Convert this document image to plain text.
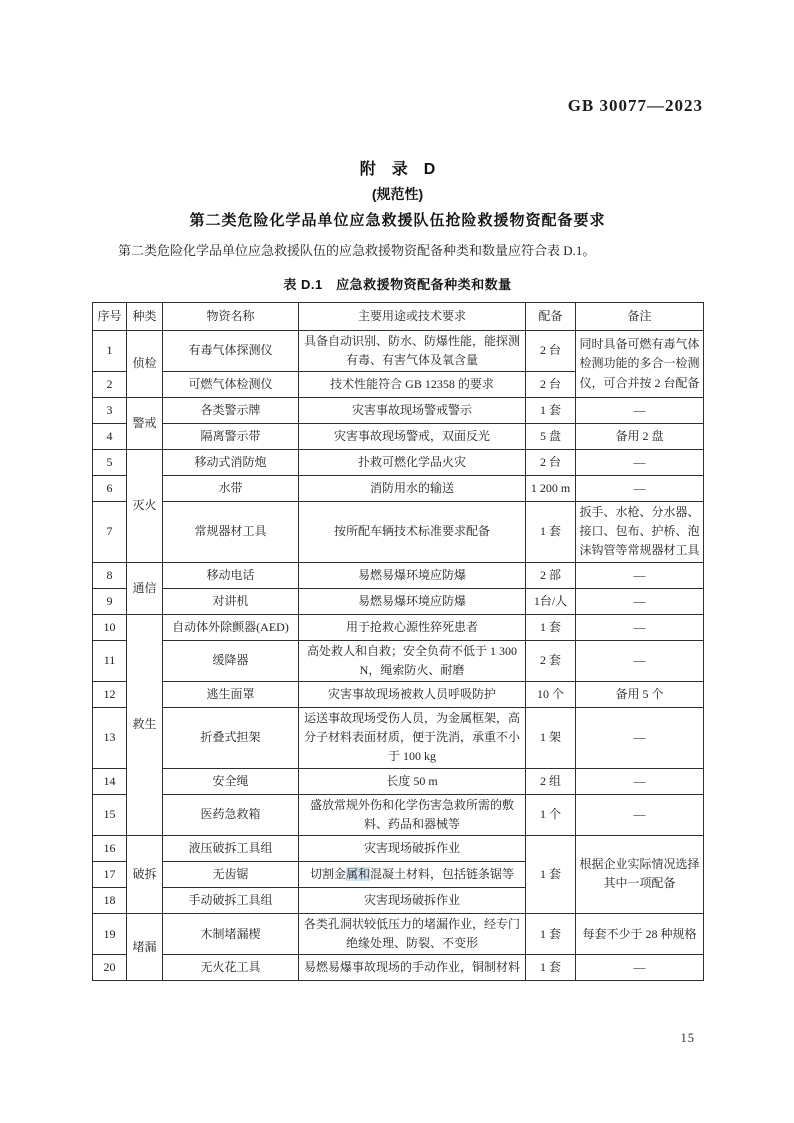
GB 30077—2023
附　录　D
(规范性)
第二类危险化学品单位应急救援队伍抢险救援物资配备要求

第二类危险化学品单位应急救援队伍的应急救援物资配备种类和数量应符合表 D.1。

表 D.1　应急救援物资配备种类和数量
序号	种类	物资名称	主要用途或技术要求	配备	备注
1	侦检	有毒气体探测仪	具备自动识别、防水、防爆性能，能探测有毒、有害气体及氧含量	2 台	同时具备可燃有毒气体检测功能的多合一检测仪，可合并按 2 台配备
2		可燃气体检测仪	技术性能符合 GB 12358 的要求	2 台	
3	警戒	各类警示牌	灾害事故现场警戒警示	1 套	—
4		隔离警示带	灾害事故现场警戒，双面反光	5 盘	备用 2 盘
5	灭火	移动式消防炮	扑救可燃化学品火灾	2 台	—
6		水带	消防用水的输送	1 200 m	—
7		常规器材工具	按所配车辆技术标准要求配备	1 套	扳手、水枪、分水器、接口、包布、护桥、泡沫钩管等常规器材工具
8	通信	移动电话	易燃易爆环境应防爆	2 部	—
9		对讲机	易燃易爆环境应防爆	1台/人	—
10	救生	自动体外除颤器(AED)	用于抢救心源性猝死患者	1 套	—
11		缓降器	高处救人和自救；安全负荷不低于 1 300 N，绳索防火、耐磨	2 套	—
12		逃生面罩	灾害事故现场被救人员呼吸防护	10 个	备用 5 个
13		折叠式担架	运送事故现场受伤人员，为金属框架，高分子材料表面材质，便于洗消，承重不小于 100 kg	1 架	—
14		安全绳	长度 50 m	2 组	—
15		医药急救箱	盛放常规外伤和化学伤害急救所需的敷料、药品和器械等	1 个	—
16	破拆	液压破拆工具组	灾害现场破拆作业	1 套	根据企业实际情况选择其中一项配备
17		无齿锯	切割金属和混凝土材料，包括链条锯等		
18		手动破拆工具组	灾害现场破拆作业		
19	堵漏	木制堵漏楔	各类孔洞状较低压力的堵漏作业，经专门绝缘处理、防裂、不变形	1 套	每套不少于 28 种规格
20		无火花工具	易燃易爆事故现场的手动作业，铜制材料	1 套	—
15
